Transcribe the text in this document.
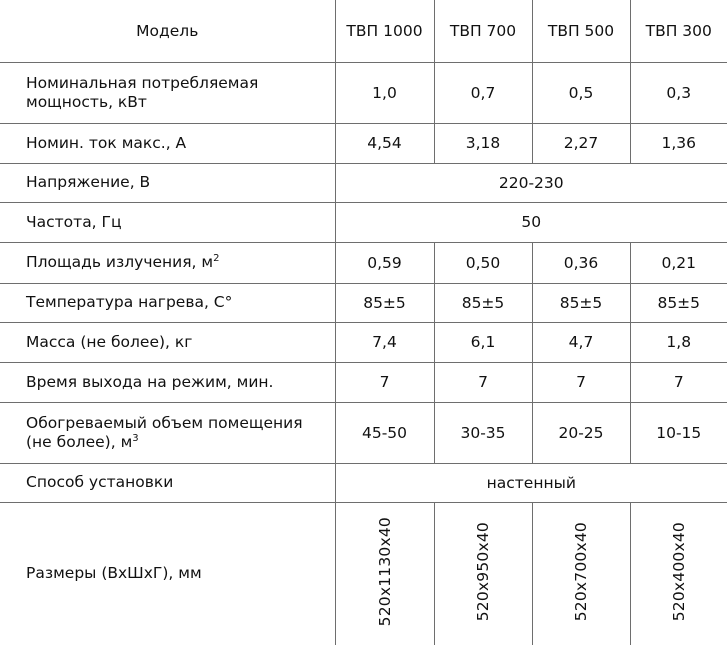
Модель	ТВП 1000	ТВП 700	ТВП 500	ТВП 300
Номинальная потребляемая мощность, кВт	1,0	0,7	0,5	0,3
Номин. ток макс., А	4,54	3,18	2,27	1,36
Напряжение, В	220-230			
Частота, Гц	50			
Площадь излучения, $м^2$	0,59	0,50	0,36	0,21
Температура нагрева, С°	85±5	85±5	85±5	85±5
Масса (не более), кг	7,4	6,1	4,7	1,8
Время выхода на режим, мин.	7	7	7	7
Обогреваемый объем помещения (не более), $м^3$	45-50	30-35	20-25	10-15
Способ установки	настенный			
Размеры (ВхШхГ), мм	520x1130x40	520x950x40	520x700x40	520x400x40
